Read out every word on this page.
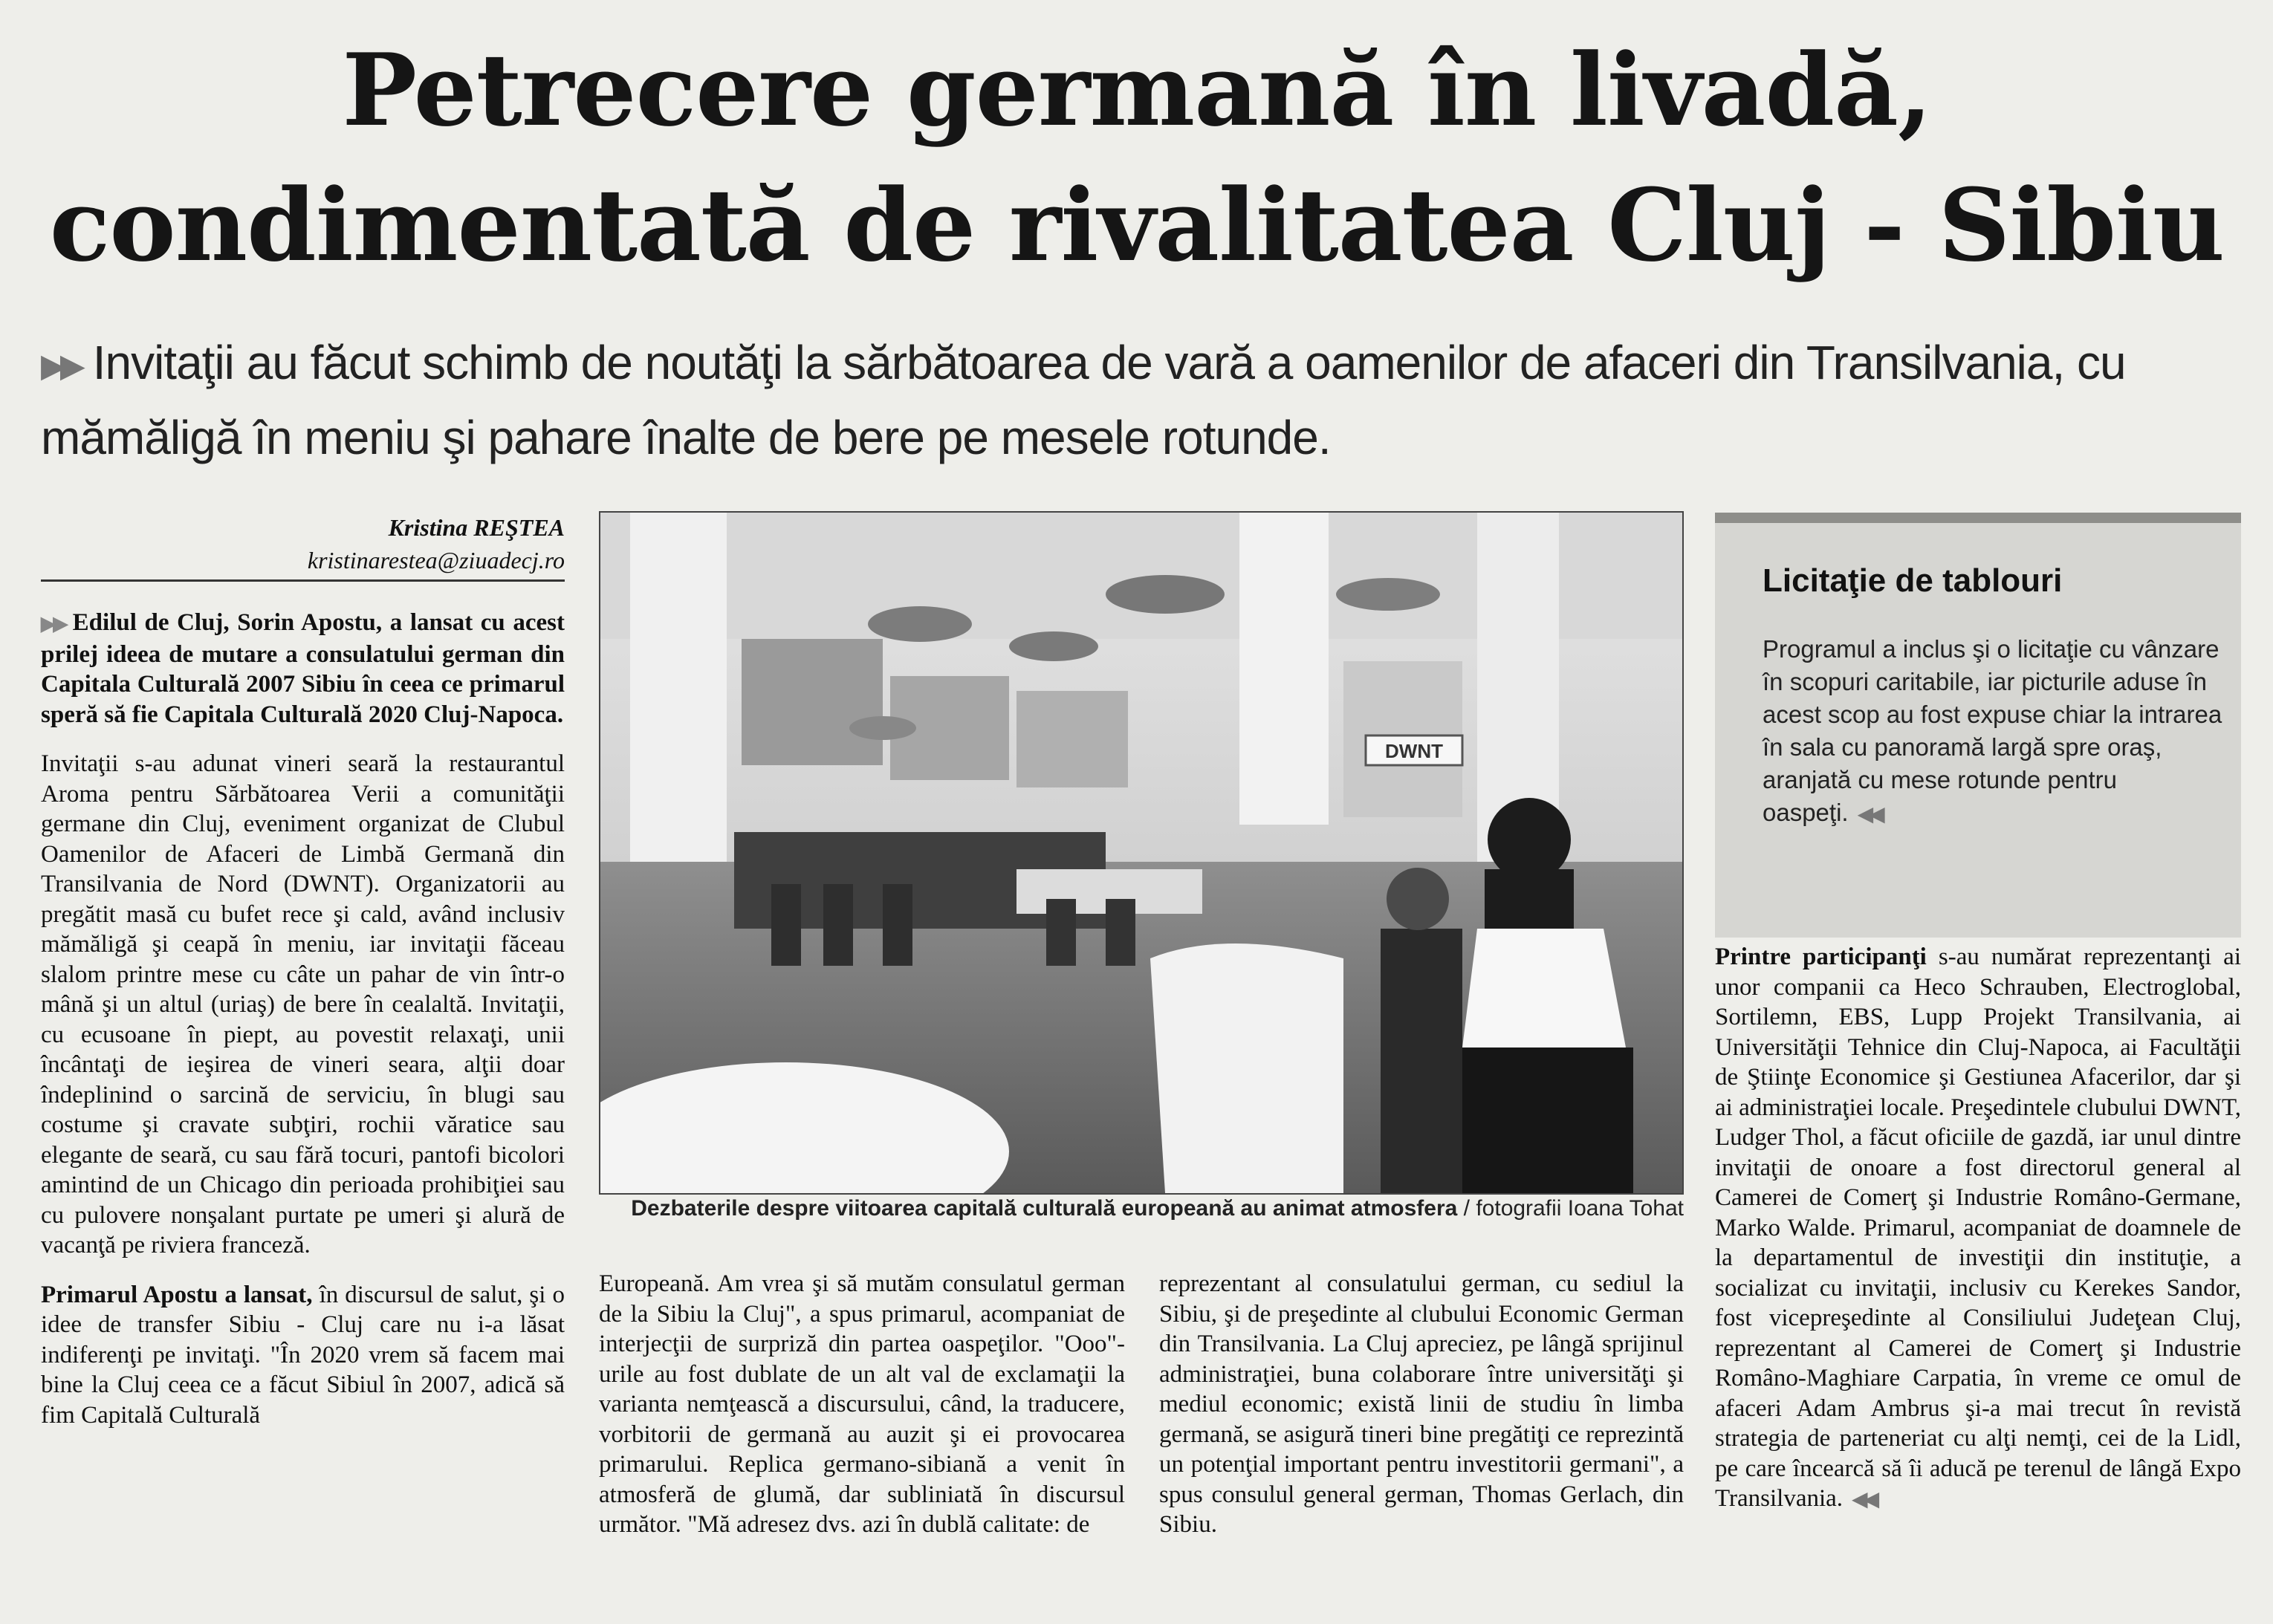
Petrecere germană în livadă,
condimentată de rivalitatea Cluj - Sibiu
▶▶ Invitaţii au făcut schimb de noutăţi la sărbătoarea de vară a oamenilor de afaceri din Transilvania, cu mămăligă în meniu şi pahare înalte de bere pe mesele rotunde.
Kristina REŞTEA
kristinarestea@ziuadecj.ro

▶▶ Edilul de Cluj, Sorin Apostu, a lansat cu acest prilej ideea de mutare a consulatului german din Capitala Culturală 2007 Sibiu în ceea ce primarul speră să fie Capitala Culturală 2020 Cluj-Napoca.

Invitaţii s-au adunat vineri seară la restaurantul Aroma pentru Sărbătoarea Verii a comunităţii germane din Cluj, eveniment organizat de Clubul Oamenilor de Afaceri de Limbă Germană din Transilvania de Nord (DWNT). Organizatorii au pregătit masă cu bufet rece şi cald, având inclusiv mămăligă şi ceapă în meniu, iar invitaţii făceau slalom printre mese cu câte un pahar de vin într-o mână şi un altul (uriaş) de bere în cealaltă. Invitaţii, cu ecusoane în piept, au povestit relaxaţi, unii încântaţi de ieşirea de vineri seara, alţii doar îndeplinind o sarcină de serviciu, în blugi sau costume şi cravate subţiri, rochii văratice sau elegante de seară, cu sau fără tocuri, pantofi bicolori amintind de un Chicago din perioada prohibiţiei sau cu pulovere nonşalant purtate pe umeri şi alură de vacanţă pe riviera franceză.

Primarul Apostu a lansat, în discursul de salut, şi o idee de transfer Sibiu - Cluj care nu i-a lăsat indiferenţi pe invitaţi. "În 2020 vrem să facem mai bine la Cluj ceea ce a făcut Sibiul în 2007, adică să fim Capitală Culturală

DWNT
Dezbaterile despre viitoarea capitală culturală europeană au animat atmosfera / fotografii Ioana Tohat
Licitaţie de tablouri
Programul a inclus şi o licitaţie cu vânzare în scopuri caritabile, iar picturile aduse în acest scop au fost expuse chiar la intrarea în sala cu panoramă largă spre oraş, aranjată cu mese rotunde pentru oaspeţi. ◀◀

Europeană. Am vrea şi să mutăm consulatul german de la Sibiu la Cluj", a spus primarul, acompaniat de interjecţii de surpriză din partea oaspeţilor. "Ooo"-urile au fost dublate de un alt val de exclamaţii la varianta nemţească a discursului, când, la traducere, vorbitorii de germană au auzit şi ei provocarea primarului. Replica germano-sibiană a venit în atmosferă de glumă, dar subliniată în discursul următor. "Mă adresez dvs. azi în dublă calitate: de

reprezentant al consulatului german, cu sediul la Sibiu, şi de preşedinte al clubului Economic German din Transilvania. La Cluj apreciez, pe lângă sprijinul administraţiei, buna colaborare între universităţi şi mediul economic; există linii de studiu în limba germană, se asigură tineri bine pregătiţi ce reprezintă un potenţial important pentru investitorii germani", a spus consulul general german, Thomas Gerlach, din Sibiu.

Printre participanţi s-au numărat reprezentanţi ai unor companii ca Heco Schrauben, Electroglobal, Sortilemn, EBS, Lupp Projekt Transilvania, ai Universităţii Tehnice din Cluj-Napoca, ai Facultăţii de Ştiinţe Economice şi Gestiunea Afacerilor, dar şi ai administraţiei locale. Preşedintele clubului DWNT, Ludger Thol, a făcut oficiile de gazdă, iar unul dintre invitaţii de onoare a fost directorul general al Camerei de Comerţ şi Industrie Româno-Germane, Marko Walde. Primarul, acompaniat de doamnele de la departamentul de investiţii din instituţie, a socializat cu invitaţii, inclusiv cu Kerekes Sandor, fost vicepreşedinte al Consiliului Judeţean Cluj, reprezentant al Camerei de Comerţ şi Industrie Româno-Maghiare Carpatia, în vreme ce omul de afaceri Adam Ambrus şi-a mai trecut în revistă strategia de parteneriat cu alţi nemţi, cei de la Lidl, pe care încearcă să îi aducă pe terenul de lângă Expo Transilvania. ◀◀
